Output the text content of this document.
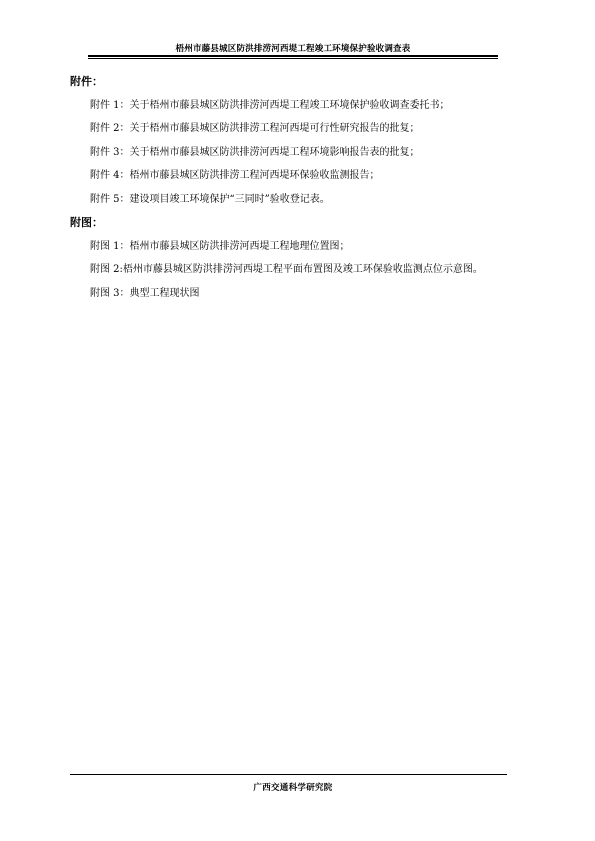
梧州市藤县城区防洪排涝河西堤工程竣工环境保护验收调查表
附件：
附件 1：关于梧州市藤县城区防洪排涝河西堤工程竣工环境保护验收调查委托书；
附件 2：关于梧州市藤县城区防洪排涝工程河西堤可行性研究报告的批复；
附件 3：关于梧州市藤县城区防洪排涝河西堤工程环境影响报告表的批复；
附件 4：梧州市藤县城区防洪排涝工程河西堤环保验收监测报告；
附件 5：建设项目竣工环境保护“三同时”验收登记表。
附图：
附图 1：梧州市藤县城区防洪排涝河西堤工程地理位置图；
附图 2:梧州市藤县城区防洪排涝河西堤工程平面布置图及竣工环保验收监测点位示意图。
附图 3：典型工程现状图
广西交通科学研究院
